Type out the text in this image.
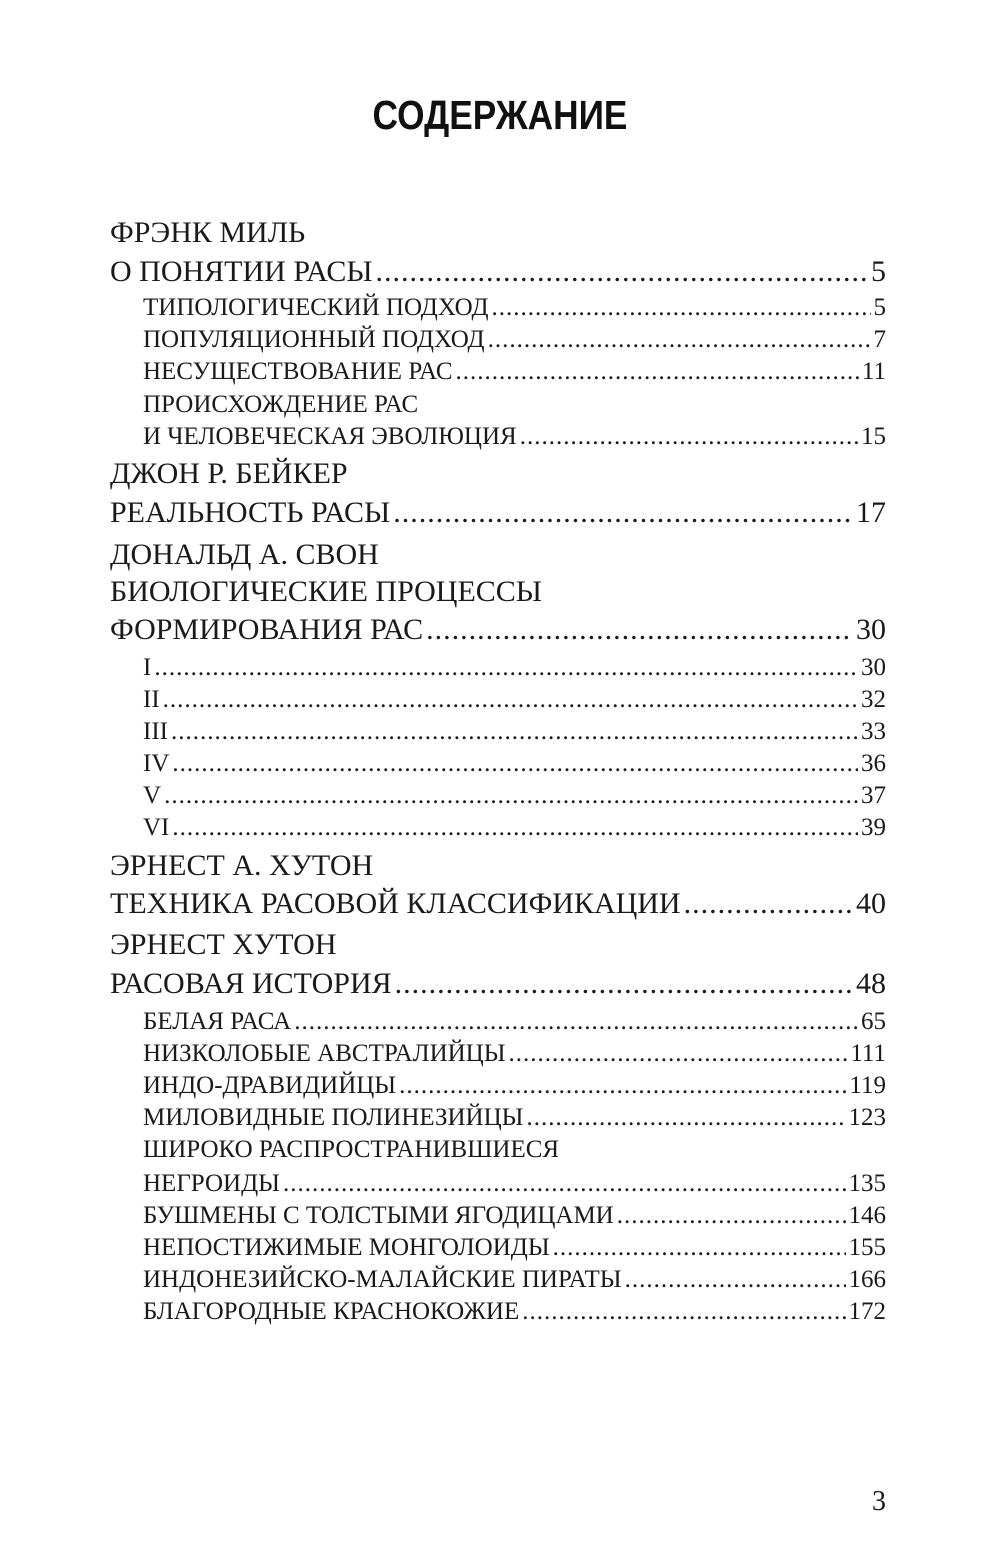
СОДЕРЖАНИЕ
ФРЭНК МИЛЬ
О ПОНЯТИИ РАСЫ .....	5
ТИПОЛОГИЧЕСКИЙ ПОДХОД .....	5
ПОПУЛЯЦИОННЫЙ ПОДХОД .....	7
НЕСУЩЕСТВОВАНИЕ РАС .....	11
ПРОИСХОЖДЕНИЕ РАС
И ЧЕЛОВЕЧЕСКАЯ ЭВОЛЮЦИЯ .....	15
ДЖОН Р. БЕЙКЕР
РЕАЛЬНОСТЬ РАСЫ .....	17
ДОНАЛЬД А. СВОН
БИОЛОГИЧЕСКИЕ ПРОЦЕССЫ
ФОРМИРОВАНИЯ РАС .....	30
I .....	30
II .....	32
III .....	33
IV .....	36
V .....	37
VI .....	39
ЭРНЕСТ А. ХУТОН
ТЕХНИКА РАСОВОЙ КЛАССИФИКАЦИИ .....	40
ЭРНЕСТ ХУТОН
РАСОВАЯ ИСТОРИЯ .....	48
БЕЛАЯ РАСА .....	65
НИЗКОЛОБЫЕ АВСТРАЛИЙЦЫ .....	111
ИНДО-ДРАВИДИЙЦЫ .....	119
МИЛОВИДНЫЕ ПОЛИНЕЗИЙЦЫ .....	123
ШИРОКО РАСПРОСТРАНИВШИЕСЯ
НЕГРОИДЫ .....	135
БУШМЕНЫ С ТОЛСТЫМИ ЯГОДИЦАМИ .....	146
НЕПОСТИЖИМЫЕ МОНГОЛОИДЫ .....	155
ИНДОНЕЗИЙСКО-МАЛАЙСКИЕ ПИРАТЫ .....	166
БЛАГОРОДНЫЕ КРАСНОКОЖИЕ .....	172
3
